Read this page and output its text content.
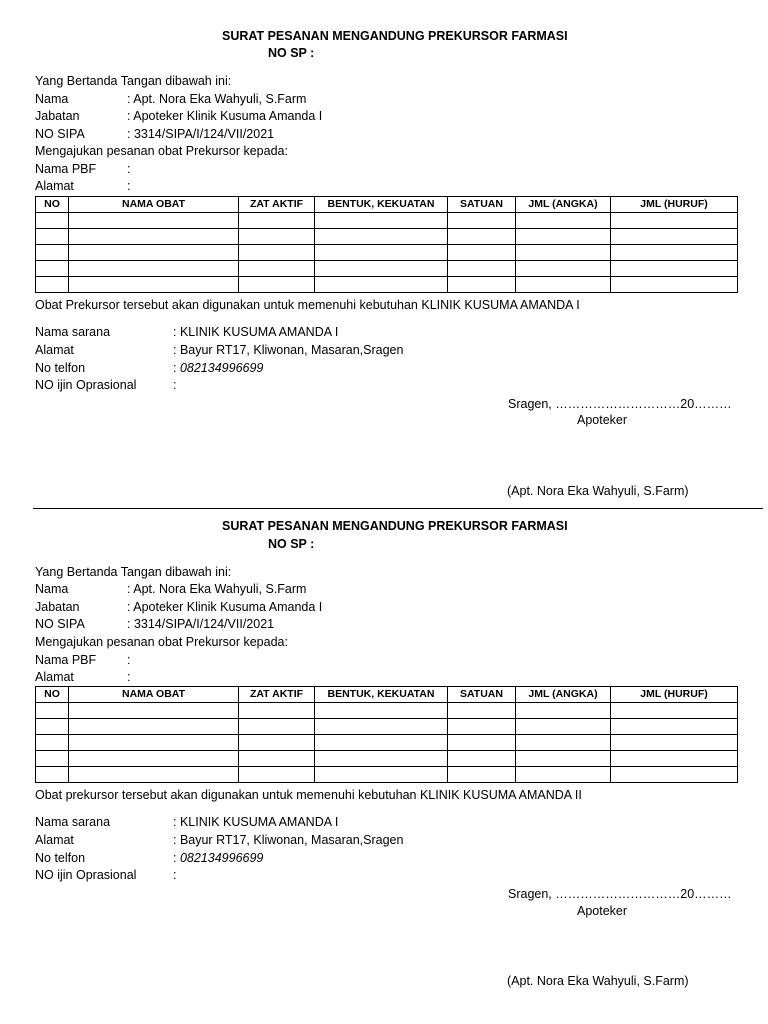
SURAT PESANAN MENGANDUNG PREKURSOR FARMASI
NO SP :
Yang Bertanda Tangan dibawah ini:
Nama	: Apt. Nora Eka Wahyuli, S.Farm
Jabatan	: Apoteker Klinik Kusuma Amanda I
NO SIPA	: 3314/SIPA/I/124/VII/2021
Mengajukan pesanan obat Prekursor kepada:
Nama PBF :
Alamat	:
NO	NAMA OBAT	ZAT AKTIF	BENTUK, KEKUATAN	SATUAN	JML (ANGKA)	JML (HURUF)

Obat Prekursor tersebut akan digunakan untuk memenuhi kebutuhan KLINIK KUSUMA AMANDA I
Nama sarana	: KLINIK KUSUMA AMANDA I
Alamat	: Bayur RT17, Kliwonan, Masaran,Sragen
No telfon	: 082134996699
NO ijin Oprasional	:
Sragen, …………………………20………
Apoteker
(Apt. Nora Eka Wahyuli, S.Farm)
SURAT PESANAN MENGANDUNG PREKURSOR FARMASI
NO SP :
Yang Bertanda Tangan dibawah ini:
Nama	: Apt. Nora Eka Wahyuli, S.Farm
Jabatan	: Apoteker Klinik Kusuma Amanda I
NO SIPA	: 3314/SIPA/I/124/VII/2021
Mengajukan pesanan obat Prekursor kepada:
Nama PBF :
Alamat	:
NO	NAMA OBAT	ZAT AKTIF	BENTUK, KEKUATAN	SATUAN	JML (ANGKA)	JML (HURUF)

Obat prekursor tersebut akan digunakan untuk memenuhi kebutuhan KLINIK KUSUMA AMANDA II
Nama sarana	: KLINIK KUSUMA AMANDA I
Alamat	: Bayur RT17, Kliwonan, Masaran,Sragen
No telfon	: 082134996699
NO ijin Oprasional	:
Sragen, …………………………20………
Apoteker
(Apt. Nora Eka Wahyuli, S.Farm)
